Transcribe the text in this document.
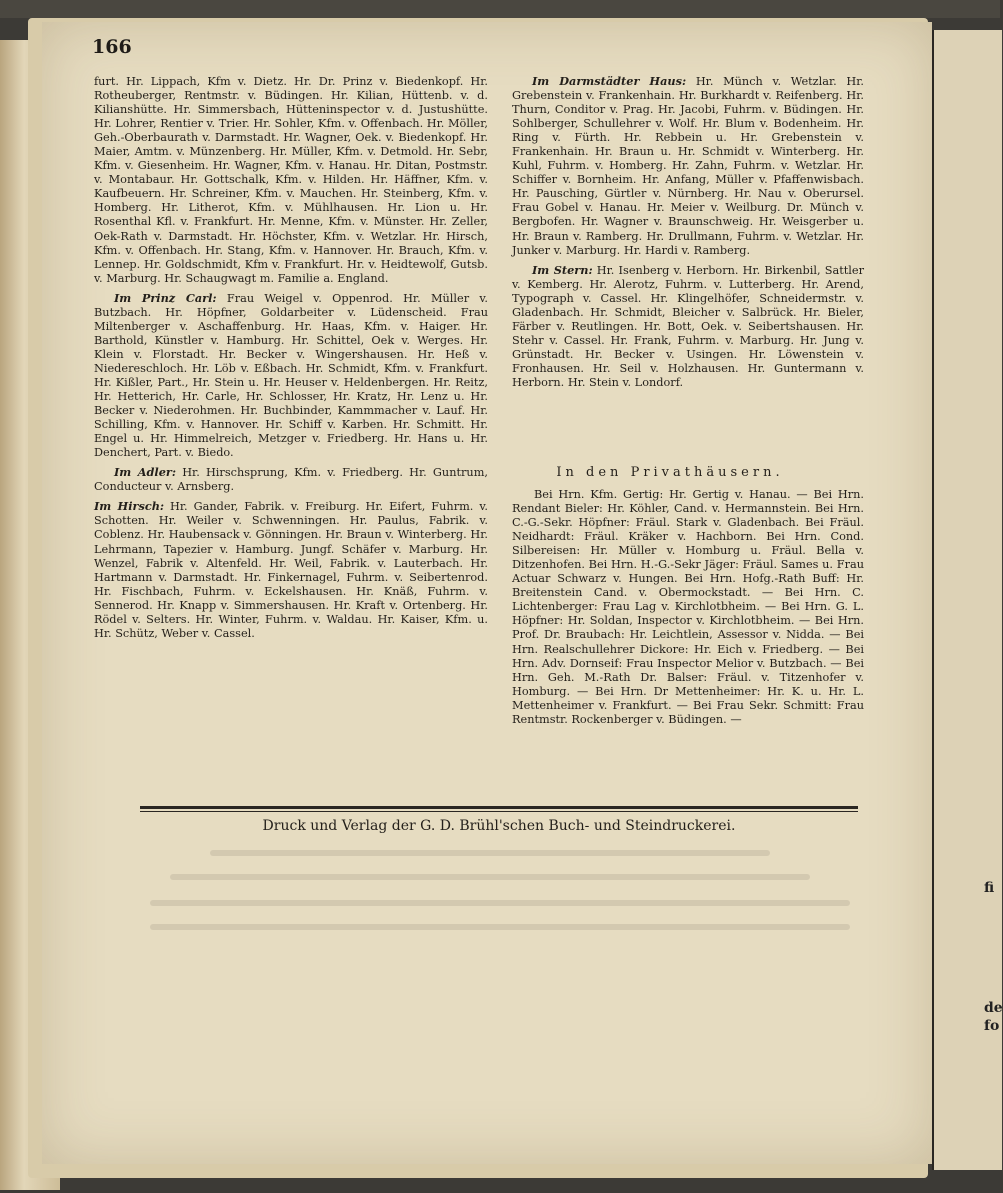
fi
de
fo
166

furt. Hr. Lippach, Kfm v. Dietz. Hr. Dr. Prinz v. Biedenkopf. Hr. Rotheuberger, Rentmstr. v. Büdingen. Hr. Kilian, Hüttenb. v. d. Kilianshütte. Hr. Simmersbach, Hütteninspector v. d. Justushütte. Hr. Lohrer, Rentier v. Trier. Hr. Sohler, Kfm. v. Offenbach. Hr. Möller, Geh.-Oberbaurath v. Darmstadt. Hr. Wagner, Oek. v. Biedenkopf. Hr. Maier, Amtm. v. Münzenberg. Hr. Müller, Kfm. v. Detmold. Hr. Sebr, Kfm. v. Giesenheim. Hr. Wagner, Kfm. v. Hanau. Hr. Ditan, Postmstr. v. Montabaur. Hr. Gottschalk, Kfm. v. Hilden. Hr. Häffner, Kfm. v. Kaufbeuern. Hr. Schreiner, Kfm. v. Mauchen. Hr. Steinberg, Kfm. v. Homberg. Hr. Litherot, Kfm. v. Mühlhausen. Hr. Lion u. Hr. Rosenthal Kfl. v. Frankfurt. Hr. Menne, Kfm. v. Münster. Hr. Zeller, Oek-Rath v. Darmstadt. Hr. Höchster, Kfm. v. Wetzlar. Hr. Hirsch, Kfm. v. Offenbach. Hr. Stang, Kfm. v. Hannover. Hr. Brauch, Kfm. v. Lennep. Hr. Goldschmidt, Kfm v. Frankfurt. Hr. v. Heidtewolf, Gutsb. v. Marburg. Hr. Schaugwagt m. Familie a. England.

Im Prinz Carl: Frau Weigel v. Oppenrod. Hr. Müller v. Butzbach. Hr. Höpfner, Goldarbeiter v. Lüdenscheid. Frau Miltenberger v. Aschaffenburg. Hr. Haas, Kfm. v. Haiger. Hr. Barthold, Künstler v. Hamburg. Hr. Schittel, Oek v. Werges. Hr. Klein v. Florstadt. Hr. Becker v. Wingershausen. Hr. Heß v. Niedereschloch. Hr. Löb v. Eßbach. Hr. Schmidt, Kfm. v. Frankfurt. Hr. Kißler, Part., Hr. Stein u. Hr. Heuser v. Heldenbergen. Hr. Reitz, Hr. Hetterich, Hr. Carle, Hr. Schlosser, Hr. Kratz, Hr. Lenz u. Hr. Becker v. Niederohmen. Hr. Buchbinder, Kammmacher v. Lauf. Hr. Schilling, Kfm. v. Hannover. Hr. Schiff v. Karben. Hr. Schmitt. Hr. Engel u. Hr. Himmelreich, Metzger v. Friedberg. Hr. Hans u. Hr. Denchert, Part. v. Biedo.

Im Adler: Hr. Hirschsprung, Kfm. v. Friedberg. Hr. Guntrum, Conducteur v. Arnsberg.

Im Hirsch: Hr. Gander, Fabrik. v. Freiburg. Hr. Eifert, Fuhrm. v. Schotten. Hr. Weiler v. Schwenningen. Hr. Paulus, Fabrik. v. Coblenz. Hr. Haubensack v. Gönningen. Hr. Braun v. Winterberg. Hr. Lehrmann, Tapezier v. Hamburg. Jungf. Schäfer v. Marburg. Hr. Wenzel, Fabrik v. Altenfeld. Hr. Weil, Fabrik. v. Lauterbach. Hr. Hartmann v. Darmstadt. Hr. Finkernagel, Fuhrm. v. Seibertenrod. Hr. Fischbach, Fuhrm. v. Eckelshausen. Hr. Knäß, Fuhrm. v. Sennerod. Hr. Knapp v. Simmershausen. Hr. Kraft v. Ortenberg. Hr. Rödel v. Selters. Hr. Winter, Fuhrm. v. Waldau. Hr. Kaiser, Kfm. u. Hr. Schütz, Weber v. Cassel.

Im Darmstädter Haus: Hr. Münch v. Wetzlar. Hr. Grebenstein v. Frankenhain. Hr. Burkhardt v. Reifenberg. Hr. Thurn, Conditor v. Prag. Hr. Jacobi, Fuhrm. v. Büdingen. Hr. Sohlberger, Schullehrer v. Wolf. Hr. Blum v. Bodenheim. Hr. Ring v. Fürth. Hr. Rebbein u. Hr. Grebenstein v. Frankenhain. Hr. Braun u. Hr. Schmidt v. Winterberg. Hr. Kuhl, Fuhrm. v. Homberg. Hr. Zahn, Fuhrm. v. Wetzlar. Hr. Schiffer v. Bornheim. Hr. Anfang, Müller v. Pfaffenwisbach. Hr. Pausching, Gürtler v. Nürnberg. Hr. Nau v. Oberursel. Frau Gobel v. Hanau. Hr. Meier v. Weilburg. Dr. Münch v. Bergbofen. Hr. Wagner v. Braunschweig. Hr. Weisgerber u. Hr. Braun v. Ramberg. Hr. Drullmann, Fuhrm. v. Wetzlar. Hr. Junker v. Marburg. Hr. Hardi v. Ramberg.

Im Stern: Hr. Isenberg v. Herborn. Hr. Birkenbil, Sattler v. Kemberg. Hr. Alerotz, Fuhrm. v. Lutterberg. Hr. Arend, Typograph v. Cassel. Hr. Klingelhöfer, Schneidermstr. v. Gladenbach. Hr. Schmidt, Bleicher v. Salbrück. Hr. Bieler, Färber v. Reutlingen. Hr. Bott, Oek. v. Seibertshausen. Hr. Stehr v. Cassel. Hr. Frank, Fuhrm. v. Marburg. Hr. Jung v. Grünstadt. Hr. Becker v. Usingen. Hr. Löwenstein v. Fronhausen. Hr. Seil v. Holzhausen. Hr. Guntermann v. Herborn. Hr. Stein v. Londorf.

In den Privathäusern.
Bei Hrn. Kfm. Gertig: Hr. Gertig v. Hanau. — Bei Hrn. Rendant Bieler: Hr. Köhler, Cand. v. Hermannstein. Bei Hrn. C.-G.-Sekr. Höpfner: Fräul. Stark v. Gladenbach. Bei Fräul. Neidhardt: Fräul. Kräker v. Hachborn. Bei Hrn. Cond. Silbereisen: Hr. Müller v. Homburg u. Fräul. Bella v. Ditzenhofen. Bei Hrn. H.-G.-Sekr Jäger: Fräul. Sames u. Frau Actuar Schwarz v. Hungen. Bei Hrn. Hofg.-Rath Buff: Hr. Breitenstein Cand. v. Obermockstadt. — Bei Hrn. C. Lichtenberger: Frau Lag v. Kirchlotbheim. — Bei Hrn. G. L. Höpfner: Hr. Soldan, Inspector v. Kirchlotbheim. — Bei Hrn. Prof. Dr. Braubach: Hr. Leichtlein, Assessor v. Nidda. — Bei Hrn. Realschullehrer Dickore: Hr. Eich v. Friedberg. — Bei Hrn. Adv. Dornseif: Frau Inspector Melior v. Butzbach. — Bei Hrn. Geh. M.-Rath Dr. Balser: Fräul. v. Titzenhofer v. Homburg. — Bei Hrn. Dr Mettenheimer: Hr. K. u. Hr. L. Mettenheimer v. Frankfurt. — Bei Frau Sekr. Schmitt: Frau Rentmstr. Rockenberger v. Büdingen. —
Druck und Verlag der G. D. Brühl'schen Buch- und Steindruckerei.
